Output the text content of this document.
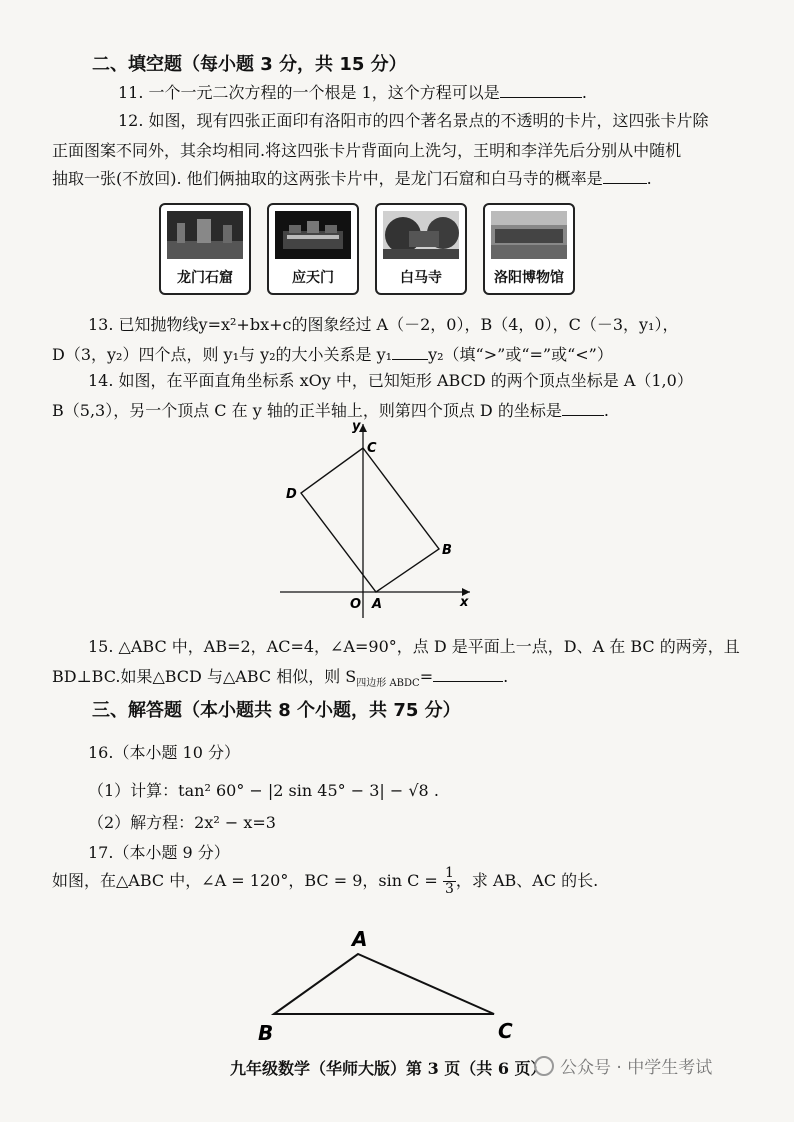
二、填空题（每小题 3 分，共 15 分）
11. 一个一元二次方程的一个根是 1，这个方程可以是	.
12. 如图，现有四张正面印有洛阳市的四个著名景点的不透明的卡片，这四张卡片除
正面图案不同外，其余均相同.将这四张卡片背面向上洗匀，王明和李洋先后分别从中随机
抽取一张(不放回). 他们俩抽取的这两张卡片中，是龙门石窟和白马寺的概率是	.
龙门石窟	应天门	白马寺	洛阳博物馆
13. 已知抛物线y=x²+bx+c的图象经过 A（－2，0），B（4，0），C（－3，y₁），
D（3，y₂）四个点，则 y₁与 y₂的大小关系是 y₁ y₂（填“>”或“=”或“<”）
14. 如图，在平面直角坐标系 xOy 中，已知矩形 ABCD 的两个顶点坐标是 A（1,0）
B（5,3），另一个顶点 C 在 y 轴的正半轴上，则第四个顶点 D 的坐标是	.
y
x
O A
B
C
D
15. △ABC 中，AB=2，AC=4，∠A=90°，点 D 是平面上一点，D、A 在 BC 的两旁，且
BD⊥BC.如果△BCD 与△ABC 相似，则 $S_{四边形 ABDC}=$	.
三、解答题（本小题共 8 个小题，共 75 分）
16.（本小题 10 分）
（1）计算：tan² 60° − |2 sin 45° − 3| − √8 .
（2）解方程：2x² − x=3
17.（本小题 9 分）
如图，在△ABC 中，∠A = 120°，BC = 9，$\sin C = \frac{1}{3}$ ，求 AB、AC 的长.
A
B	C
九年级数学（华师大版）第 3 页（共 6 页） 公众号 · 中学生考试
